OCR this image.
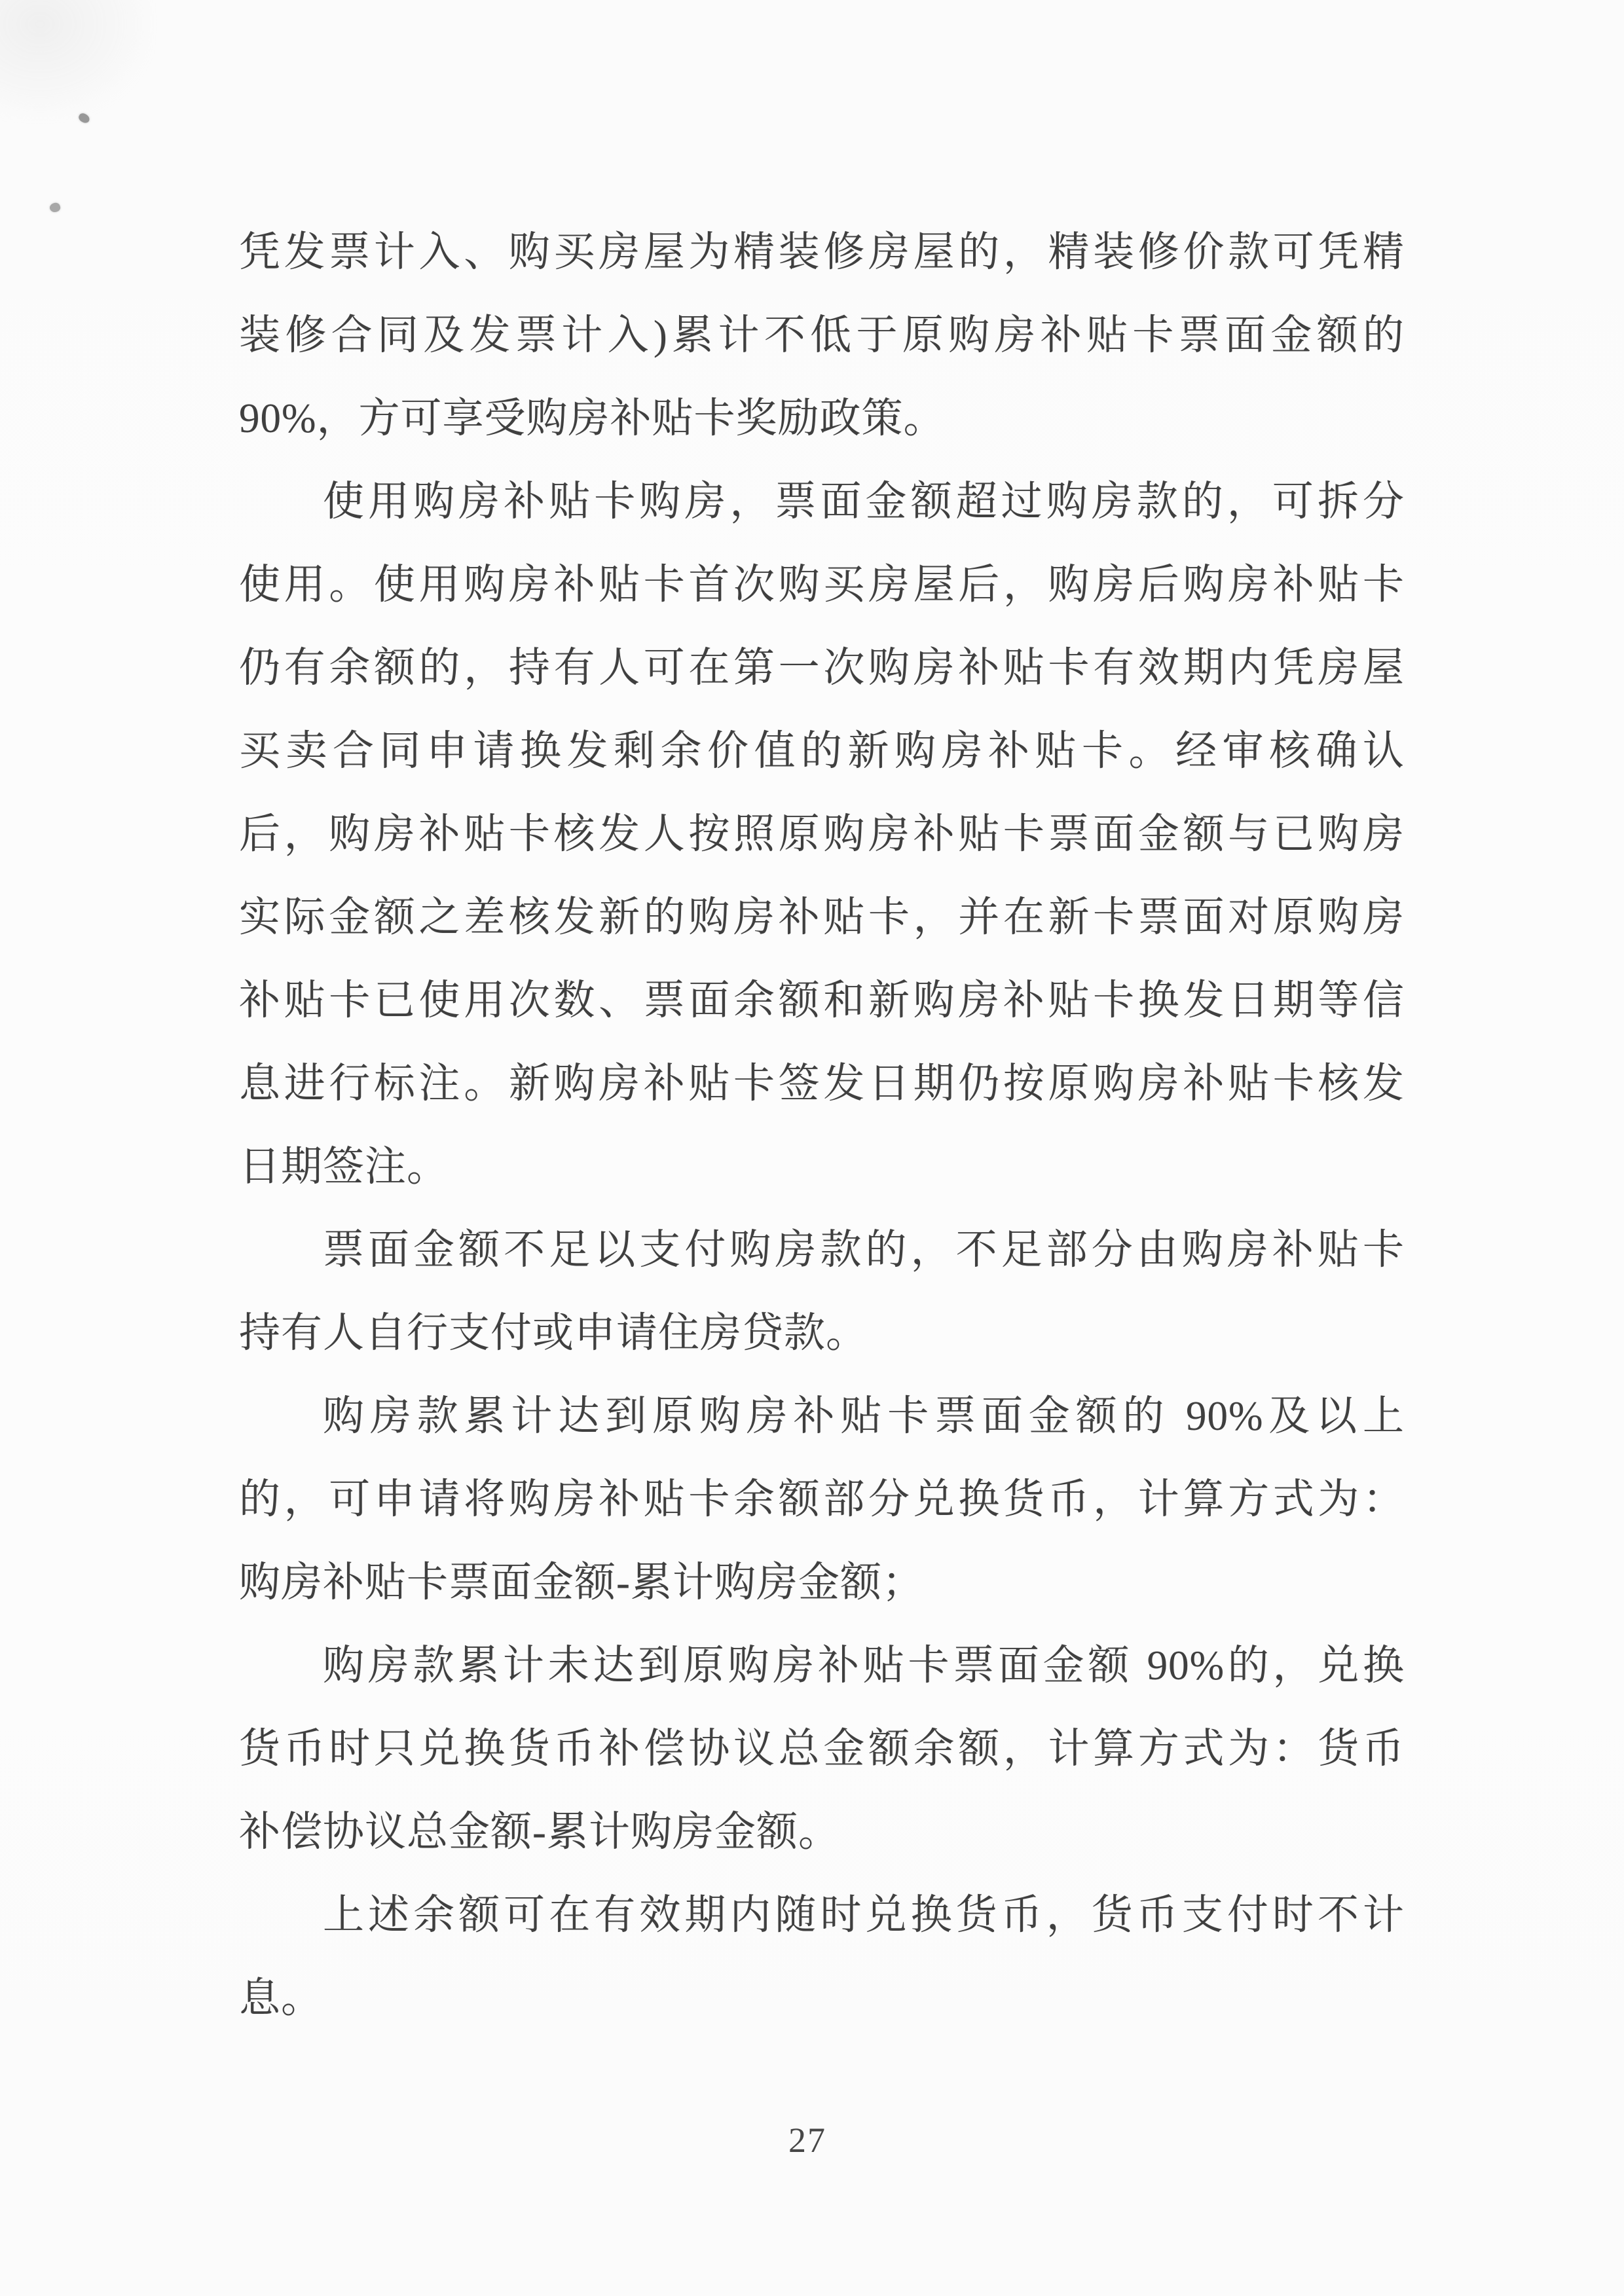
凭发票计入、购买房屋为精装修房屋的，精装修价款可凭精
装修合同及发票计入)累计不低于原购房补贴卡票面金额的
90%，方可享受购房补贴卡奖励政策。
使用购房补贴卡购房，票面金额超过购房款的，可拆分
使用。使用购房补贴卡首次购买房屋后，购房后购房补贴卡
仍有余额的，持有人可在第一次购房补贴卡有效期内凭房屋
买卖合同申请换发剩余价值的新购房补贴卡。经审核确认
后，购房补贴卡核发人按照原购房补贴卡票面金额与已购房
实际金额之差核发新的购房补贴卡，并在新卡票面对原购房
补贴卡已使用次数、票面余额和新购房补贴卡换发日期等信
息进行标注。新购房补贴卡签发日期仍按原购房补贴卡核发
日期签注。
票面金额不足以支付购房款的，不足部分由购房补贴卡
持有人自行支付或申请住房贷款。
购房款累计达到原购房补贴卡票面金额的 90%及以上
的，可申请将购房补贴卡余额部分兑换货币，计算方式为：
购房补贴卡票面金额-累计购房金额；
购房款累计未达到原购房补贴卡票面金额 90%的，兑换
货币时只兑换货币补偿协议总金额余额，计算方式为：货币
补偿协议总金额-累计购房金额。
上述余额可在有效期内随时兑换货币，货币支付时不计
息。
27
